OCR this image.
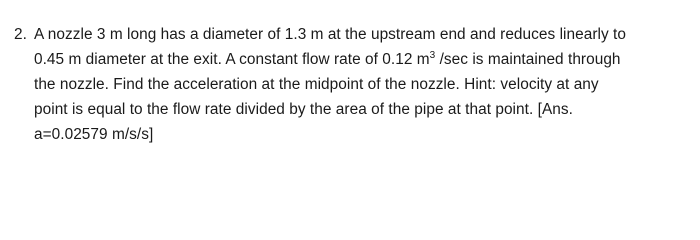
2. A nozzle 3 m long has a diameter of 1.3 m at the upstream end and reduces linearly to
0.45 m diameter at the exit. A constant flow rate of 0.12 $m^3$ /sec is maintained through
the nozzle. Find the acceleration at the midpoint of the nozzle. Hint: velocity at any
point is equal to the flow rate divided by the area of the pipe at that point. [Ans.
a=0.02579 m/s/s]
